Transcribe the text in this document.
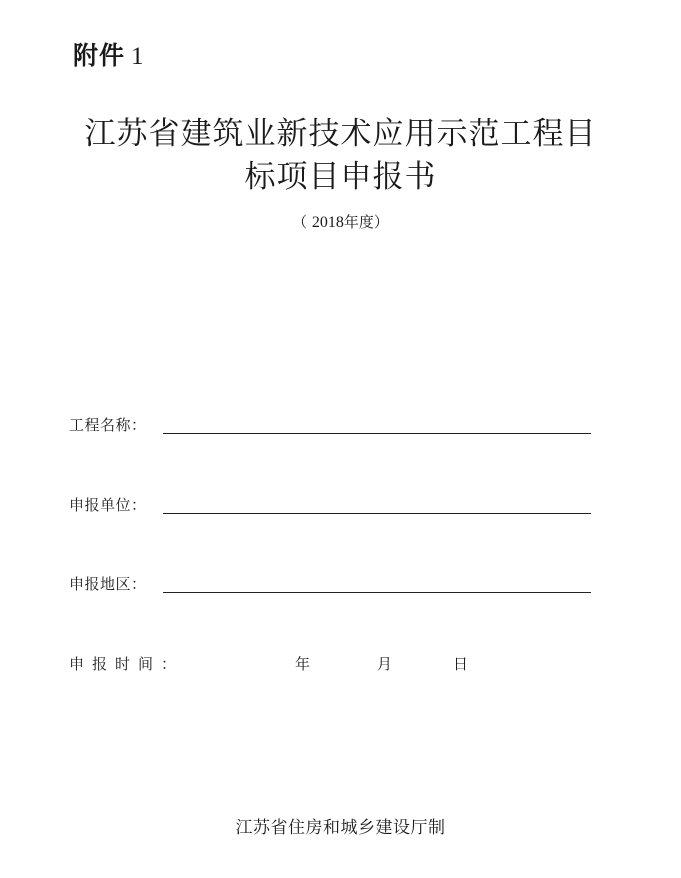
附件 1
江苏省建筑业新技术应用示范工程目
标项目申报书
（ 2018年度）
工程名称：
申报单位：
申报地区：
申报时间：	年	月	日
江苏省住房和城乡建设厅制
